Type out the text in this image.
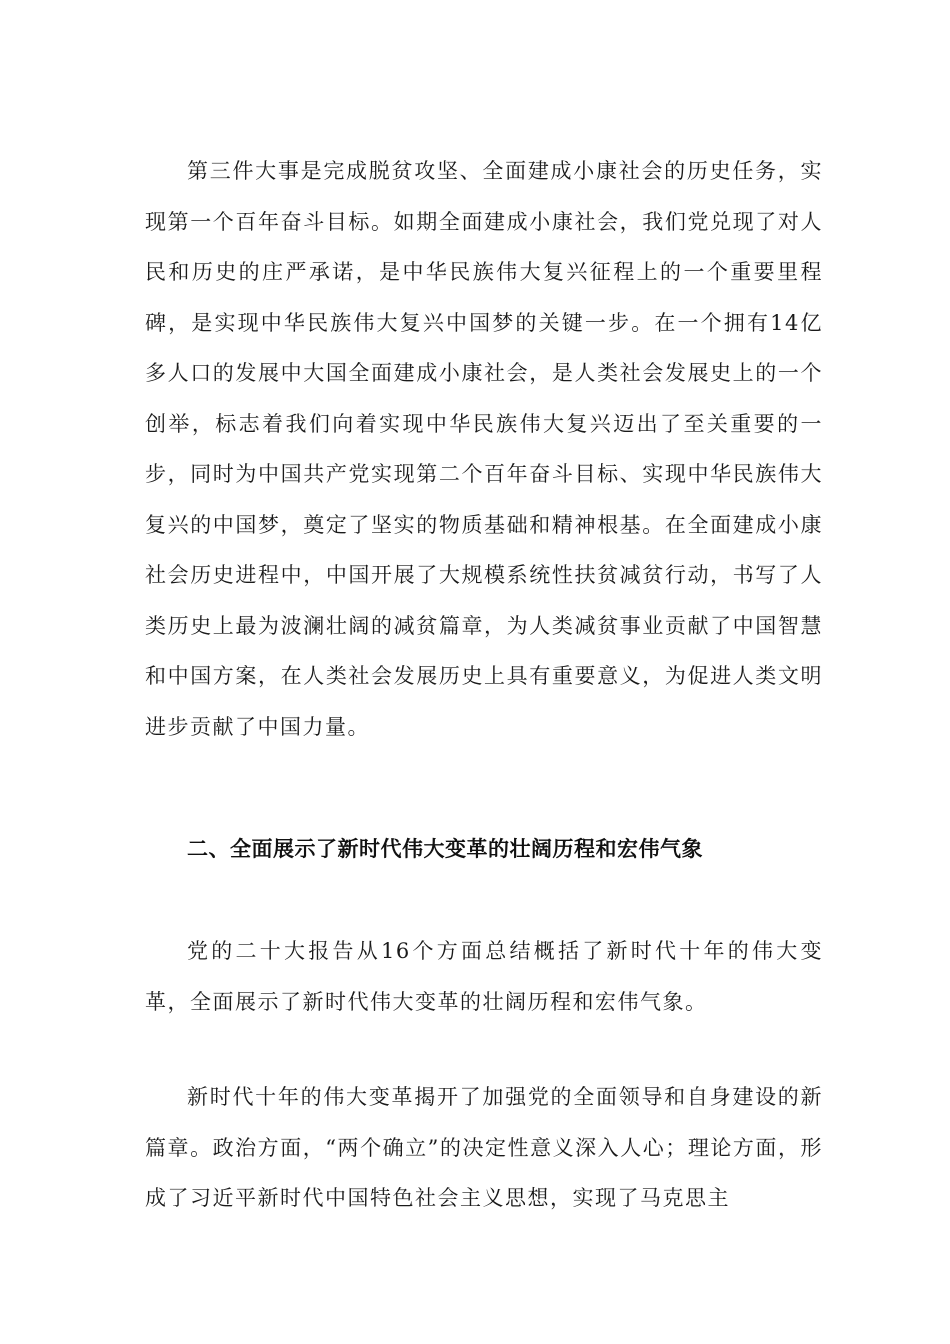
第三件大事是完成脱贫攻坚、全面建成小康社会的历史任务，实现第一个百年奋斗目标。如期全面建成小康社会，我们党兑现了对人民和历史的庄严承诺，是中华民族伟大复兴征程上的一个重要里程碑，是实现中华民族伟大复兴中国梦的关键一步。在一个拥有14亿多人口的发展中大国全面建成小康社会，是人类社会发展史上的一个创举，标志着我们向着实现中华民族伟大复兴迈出了至关重要的一步，同时为中国共产党实现第二个百年奋斗目标、实现中华民族伟大复兴的中国梦，奠定了坚实的物质基础和精神根基。在全面建成小康社会历史进程中，中国开展了大规模系统性扶贫减贫行动，书写了人类历史上最为波澜壮阔的减贫篇章，为人类减贫事业贡献了中国智慧和中国方案，在人类社会发展历史上具有重要意义，为促进人类文明进步贡献了中国力量。

二、全面展示了新时代伟大变革的壮阔历程和宏伟气象

党的二十大报告从16个方面总结概括了新时代十年的伟大变革，全面展示了新时代伟大变革的壮阔历程和宏伟气象。

新时代十年的伟大变革揭开了加强党的全面领导和自身建设的新篇章。政治方面，“两个确立”的决定性意义深入人心；理论方面，形成了习近平新时代中国特色社会主义思想，实现了马克思主
